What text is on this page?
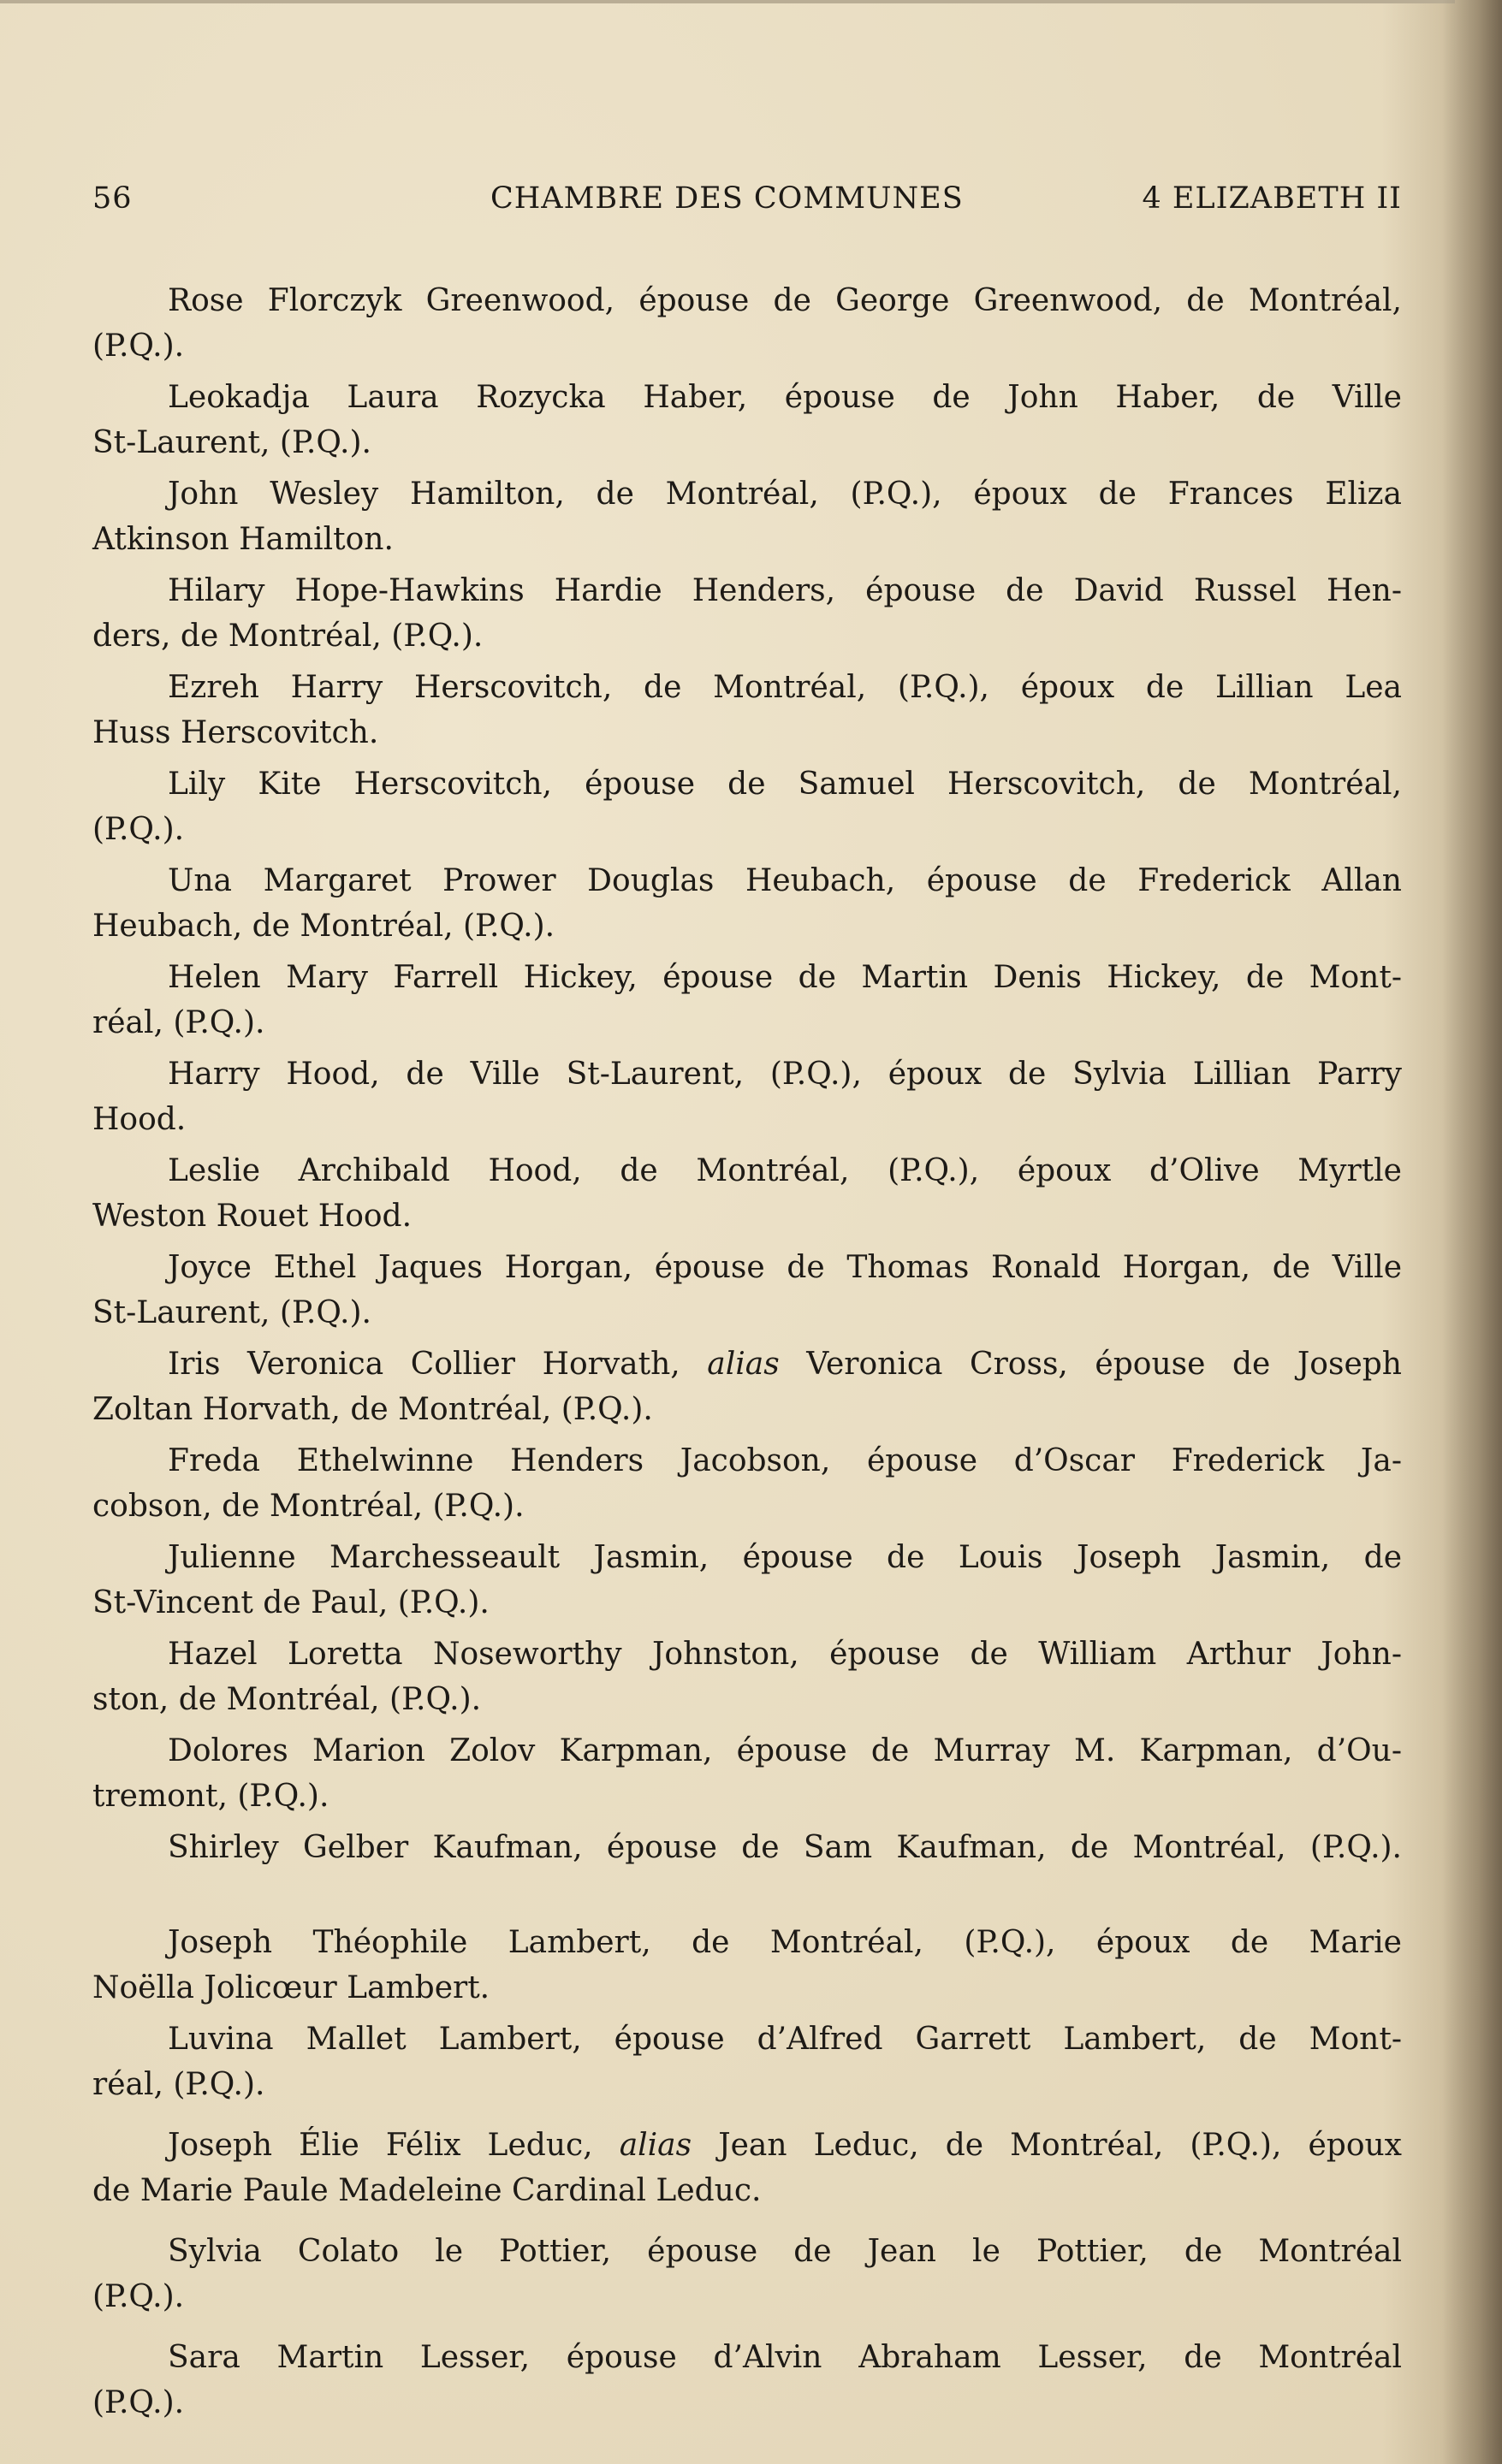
56	CHAMBRE DES COMMUNES	4 ELIZABETH II
Rose Florczyk Greenwood, épouse de George Greenwood, de Montréal,
(P.Q.).
Leokadja Laura Rozycka Haber, épouse de John Haber, de Ville
St-Laurent, (P.Q.).
John Wesley Hamilton, de Montréal, (P.Q.), époux de Frances Eliza
Atkinson Hamilton.
Hilary Hope-Hawkins Hardie Henders, épouse de David Russel Hen-
ders, de Montréal, (P.Q.).
Ezreh Harry Herscovitch, de Montréal, (P.Q.), époux de Lillian Lea
Huss Herscovitch.
Lily Kite Herscovitch, épouse de Samuel Herscovitch, de Montréal,
(P.Q.).
Una Margaret Prower Douglas Heubach, épouse de Frederick Allan
Heubach, de Montréal, (P.Q.).
Helen Mary Farrell Hickey, épouse de Martin Denis Hickey, de Mont-
réal, (P.Q.).
Harry Hood, de Ville St-Laurent, (P.Q.), époux de Sylvia Lillian Parry
Hood.
Leslie Archibald Hood, de Montréal, (P.Q.), époux d’Olive Myrtle
Weston Rouet Hood.
Joyce Ethel Jaques Horgan, épouse de Thomas Ronald Horgan, de Ville
St-Laurent, (P.Q.).
Iris Veronica Collier Horvath, alias Veronica Cross, épouse de Joseph
Zoltan Horvath, de Montréal, (P.Q.).
Freda Ethelwinne Henders Jacobson, épouse d’Oscar Frederick Ja-
cobson, de Montréal, (P.Q.).
Julienne Marchesseault Jasmin, épouse de Louis Joseph Jasmin, de
St-Vincent de Paul, (P.Q.).
Hazel Loretta Noseworthy Johnston, épouse de William Arthur John-
ston, de Montréal, (P.Q.).
Dolores Marion Zolov Karpman, épouse de Murray M. Karpman, d’Ou-
tremont, (P.Q.).
Shirley Gelber Kaufman, épouse de Sam Kaufman, de Montréal, (P.Q.).
Joseph Théophile Lambert, de Montréal, (P.Q.), époux de Marie
Noëlla Jolicœur Lambert.
Luvina Mallet Lambert, épouse d’Alfred Garrett Lambert, de Mont-
réal, (P.Q.).
Joseph Élie Félix Leduc, alias Jean Leduc, de Montréal, (P.Q.), époux
de Marie Paule Madeleine Cardinal Leduc.
Sylvia Colato le Pottier, épouse de Jean le Pottier, de Montréal
(P.Q.).
Sara Martin Lesser, épouse d’Alvin Abraham Lesser, de Montréal
(P.Q.).
